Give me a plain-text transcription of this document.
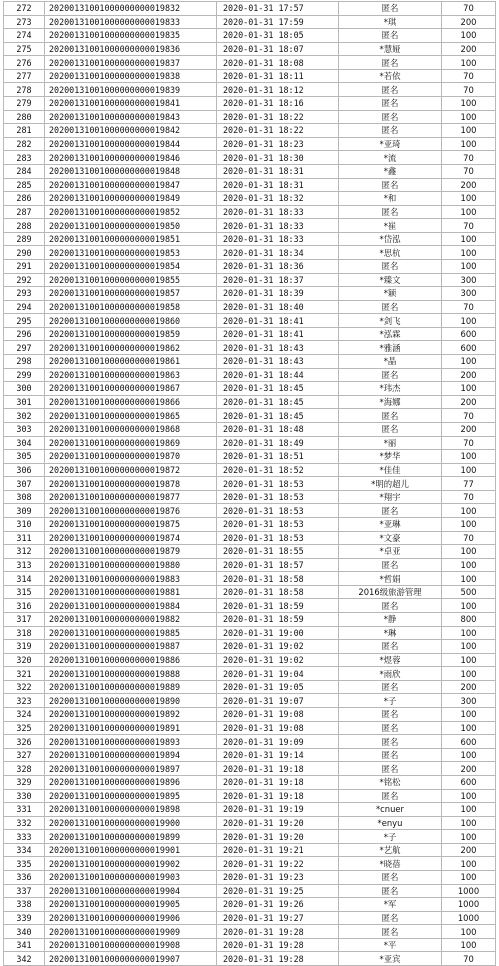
272	20200131001000000000019832	2020-01-31 17:57	匿名	70
273	20200131001000000000019833	2020-01-31 17:59	*琪	200
274	20200131001000000000019835	2020-01-31 18:05	匿名	100
275	20200131001000000000019836	2020-01-31 18:07	*慧娅	200
276	20200131001000000000019837	2020-01-31 18:08	匿名	100
277	20200131001000000000019838	2020-01-31 18:11	*若依	70
278	20200131001000000000019839	2020-01-31 18:12	匿名	70
279	20200131001000000000019841	2020-01-31 18:16	匿名	100
280	20200131001000000000019843	2020-01-31 18:22	匿名	100
281	20200131001000000000019842	2020-01-31 18:22	匿名	100
282	20200131001000000000019844	2020-01-31 18:23	*亚琦	100
283	20200131001000000000019846	2020-01-31 18:30	*流	70
284	20200131001000000000019848	2020-01-31 18:31	*鑫	70
285	20200131001000000000019847	2020-01-31 18:31	匿名	200
286	20200131001000000000019849	2020-01-31 18:32	*和	100
287	20200131001000000000019852	2020-01-31 18:33	匿名	100
288	20200131001000000000019850	2020-01-31 18:33	*崔	70
289	20200131001000000000019851	2020-01-31 18:33	*岱泓	100
290	20200131001000000000019853	2020-01-31 18:34	*思杭	100
291	20200131001000000000019854	2020-01-31 18:36	匿名	100
292	20200131001000000000019855	2020-01-31 18:37	*臻文	300
293	20200131001000000000019857	2020-01-31 18:39	*颖	300
294	20200131001000000000019858	2020-01-31 18:40	匿名	70
295	20200131001000000000019860	2020-01-31 18:41	*剑飞	100
296	20200131001000000000019859	2020-01-31 18:41	*泓霖	600
297	20200131001000000000019862	2020-01-31 18:43	*雅涵	600
298	20200131001000000000019861	2020-01-31 18:43	*晶	100
299	20200131001000000000019863	2020-01-31 18:44	匿名	200
300	20200131001000000000019867	2020-01-31 18:45	*玮杰	100
301	20200131001000000000019866	2020-01-31 18:45	*海娜	200
302	20200131001000000000019865	2020-01-31 18:45	匿名	70
303	20200131001000000000019868	2020-01-31 18:48	匿名	200
304	20200131001000000000019869	2020-01-31 18:49	*丽	70
305	20200131001000000000019870	2020-01-31 18:51	*梦华	100
306	20200131001000000000019872	2020-01-31 18:52	*佳佳	100
307	20200131001000000000019878	2020-01-31 18:53	*明的超儿	77
308	20200131001000000000019877	2020-01-31 18:53	*翔宇	70
309	20200131001000000000019876	2020-01-31 18:53	匿名	100
310	20200131001000000000019875	2020-01-31 18:53	*亚琳	100
311	20200131001000000000019874	2020-01-31 18:53	*文豪	70
312	20200131001000000000019879	2020-01-31 18:55	*卓亚	100
313	20200131001000000000019880	2020-01-31 18:57	匿名	100
314	20200131001000000000019883	2020-01-31 18:58	*哲娟	100
315	20200131001000000000019881	2020-01-31 18:58	2016级旅游管理	500
316	20200131001000000000019884	2020-01-31 18:59	匿名	100
317	20200131001000000000019882	2020-01-31 18:59	*静	800
318	20200131001000000000019885	2020-01-31 19:00	*琳	100
319	20200131001000000000019887	2020-01-31 19:02	匿名	100
320	20200131001000000000019886	2020-01-31 19:02	*煜蓉	100
321	20200131001000000000019888	2020-01-31 19:04	*雨欣	100
322	20200131001000000000019889	2020-01-31 19:05	匿名	200
323	20200131001000000000019890	2020-01-31 19:07	*子	300
324	20200131001000000000019892	2020-01-31 19:08	匿名	100
325	20200131001000000000019891	2020-01-31 19:08	匿名	100
326	20200131001000000000019893	2020-01-31 19:09	匿名	600
327	20200131001000000000019894	2020-01-31 19:14	匿名	100
328	20200131001000000000019897	2020-01-31 19:18	匿名	200
329	20200131001000000000019896	2020-01-31 19:18	*铭松	600
330	20200131001000000000019895	2020-01-31 19:18	匿名	100
331	20200131001000000000019898	2020-01-31 19:19	*cnuer	100
332	20200131001000000000019900	2020-01-31 19:20	*enyu	100
333	20200131001000000000019899	2020-01-31 19:20	*子	100
334	20200131001000000000019901	2020-01-31 19:21	*艺航	200
335	20200131001000000000019902	2020-01-31 19:22	*晓蓓	100
336	20200131001000000000019903	2020-01-31 19:23	匿名	100
337	20200131001000000000019904	2020-01-31 19:25	匿名	1000
338	20200131001000000000019905	2020-01-31 19:26	*军	1000
339	20200131001000000000019906	2020-01-31 19:27	匿名	1000
340	20200131001000000000019909	2020-01-31 19:28	匿名	100
341	20200131001000000000019908	2020-01-31 19:28	*平	100
342	20200131001000000000019907	2020-01-31 19:28	*亚宾	70
